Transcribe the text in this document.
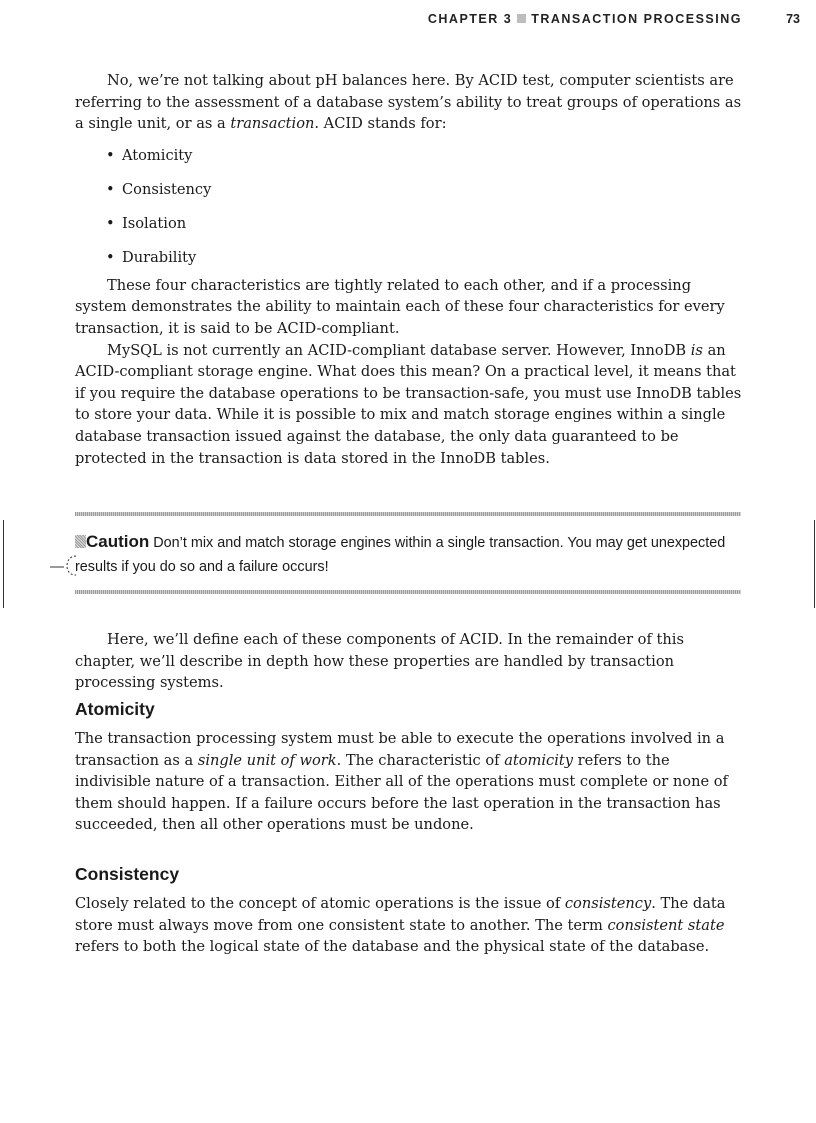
CHAPTER 3 TRANSACTION PROCESSING	73

No, we’re not talking about pH balances here. By ACID test, computer scientists are referring to the assessment of a database system’s ability to treat groups of operations as a single unit, or as a transaction. ACID stands for:

• Atomicity
• Consistency
• Isolation
• Durability

These four characteristics are tightly related to each other, and if a processing system demonstrates the ability to maintain each of these four characteristics for every transaction, it is said to be ACID-compliant.

MySQL is not currently an ACID-compliant database server. However, InnoDB is an ACID-compliant storage engine. What does this mean? On a practical level, it means that if you require the database operations to be transaction-safe, you must use InnoDB tables to store your data. While it is possible to mix and match storage engines within a single database transaction issued against the database, the only data guaranteed to be protected in the transaction is data stored in the InnoDB tables.

Caution Don’t mix and match storage engines within a single transaction. You may get unexpected results if you do so and a failure occurs!

Here, we’ll define each of these components of ACID. In the remainder of this chapter, we’ll describe in depth how these properties are handled by transaction processing systems.

Atomicity

The transaction processing system must be able to execute the operations involved in a transaction as a single unit of work. The characteristic of atomicity refers to the indivisible nature of a transaction. Either all of the operations must complete or none of them should happen. If a failure occurs before the last operation in the transaction has succeeded, then all other operations must be undone.

Consistency

Closely related to the concept of atomic operations is the issue of consistency. The data store must always move from one consistent state to another. The term consistent state refers to both the logical state of the database and the physical state of the database.
